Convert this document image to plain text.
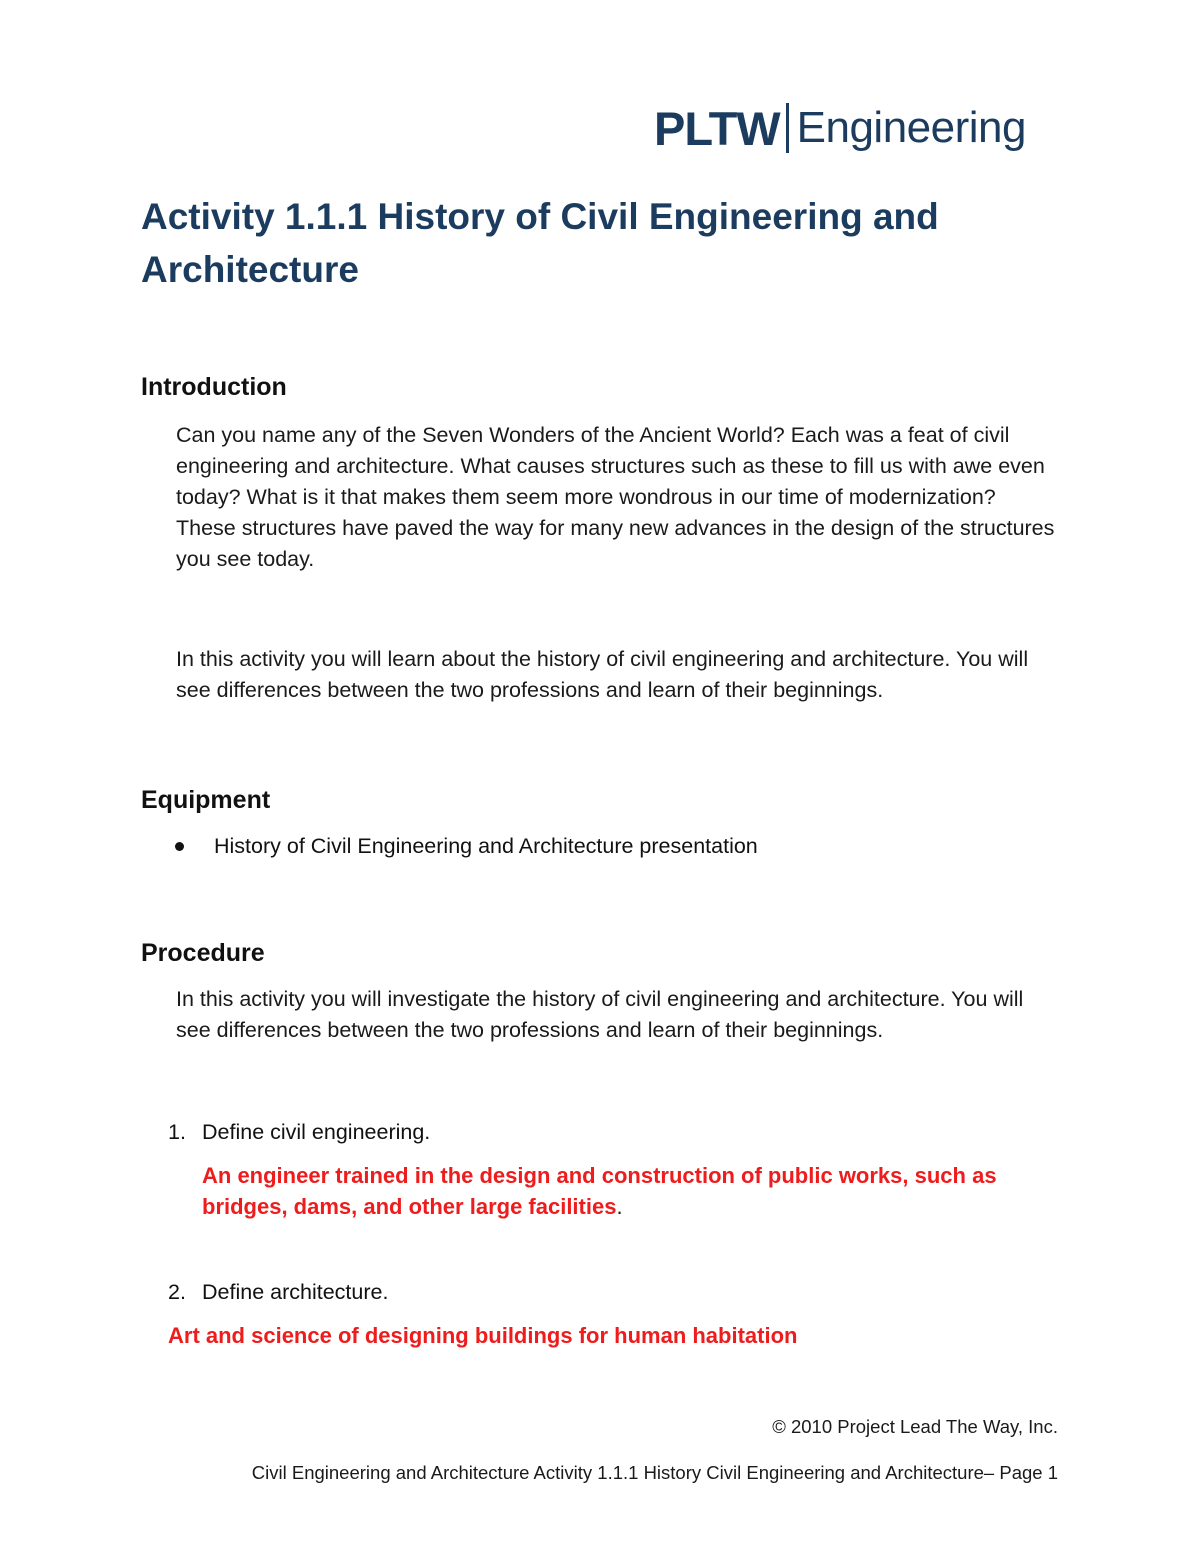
PLTW Engineering
Activity 1.1.1 History of Civil Engineering and Architecture
Introduction

Can you name any of the Seven Wonders of the Ancient World? Each was a feat of civil engineering and architecture. What causes structures such as these to fill us with awe even today? What is it that makes them seem more wondrous in our time of modernization? These structures have paved the way for many new advances in the design of the structures you see today.

In this activity you will learn about the history of civil engineering and architecture. You will see differences between the two professions and learn of their beginnings.

Equipment
History of Civil Engineering and Architecture presentation
Procedure

In this activity you will investigate the history of civil engineering and architecture. You will see differences between the two professions and learn of their beginnings.

1. Define civil engineering.

An engineer trained in the design and construction of public works, such as bridges, dams, and other large facilities.

2. Define architecture.

Art and science of designing buildings for human habitation

© 2010 Project Lead The Way, Inc.
Civil Engineering and Architecture Activity 1.1.1 History Civil Engineering and Architecture– Page 1
